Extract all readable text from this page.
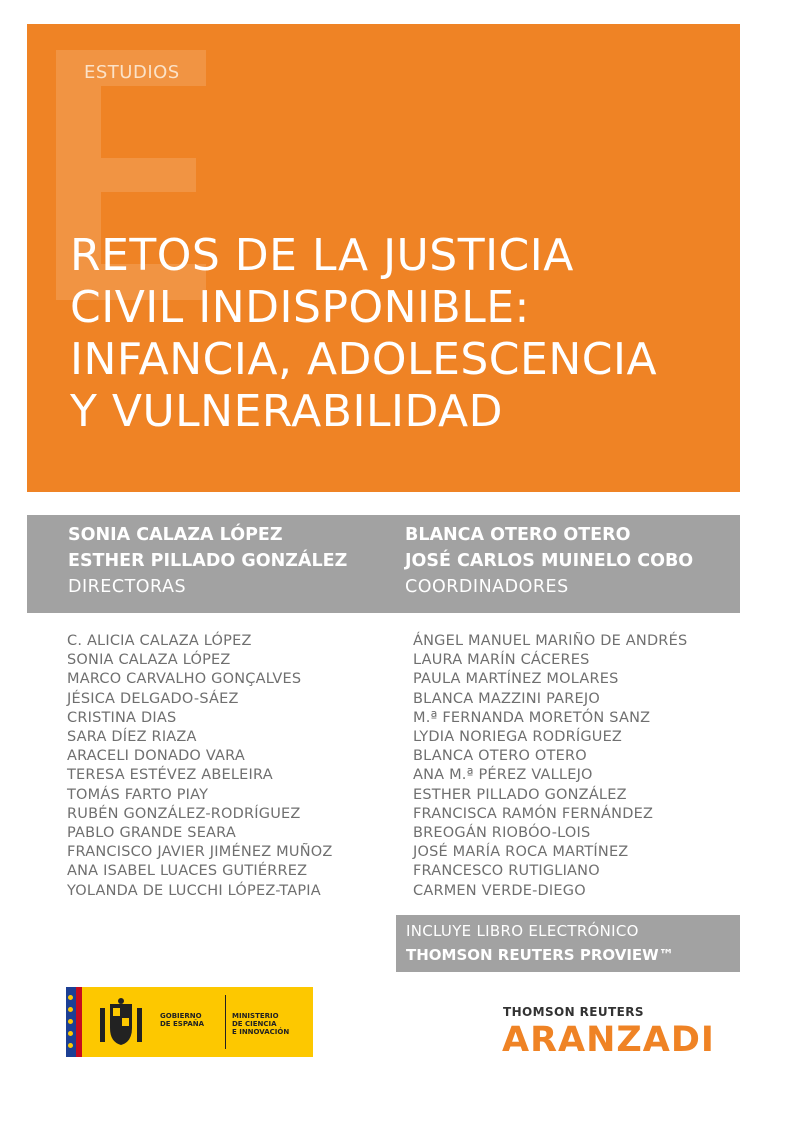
ESTUDIOS
RETOS DE LA JUSTICIA
CIVIL INDISPONIBLE:
INFANCIA, ADOLESCENCIA
Y VULNERABILIDAD
SONIA CALAZA LÓPEZ
ESTHER PILLADO GONZÁLEZ
DIRECTORAS
BLANCA OTERO OTERO
JOSÉ CARLOS MUINELO COBO
COORDINADORES
C. ALICIA CALAZA LÓPEZ
SONIA CALAZA LÓPEZ
MARCO CARVALHO GONÇALVES
JÉSICA DELGADO-SÁEZ
CRISTINA DIAS
SARA DÍEZ RIAZA
ARACELI DONADO VARA
TERESA ESTÉVEZ ABELEIRA
TOMÁS FARTO PIAY
RUBÉN GONZÁLEZ-RODRÍGUEZ
PABLO GRANDE SEARA
FRANCISCO JAVIER JIMÉNEZ MUÑOZ
ANA ISABEL LUACES GUTIÉRREZ
YOLANDA DE LUCCHI LÓPEZ-TAPIA
ÁNGEL MANUEL MARIÑO DE ANDRÉS
LAURA MARÍN CÁCERES
PAULA MARTÍNEZ MOLARES
BLANCA MAZZINI PAREJO
M.ª FERNANDA MORETÓN SANZ
LYDIA NORIEGA RODRÍGUEZ
BLANCA OTERO OTERO
ANA M.ª PÉREZ VALLEJO
ESTHER PILLADO GONZÁLEZ
FRANCISCA RAMÓN FERNÁNDEZ
BREOGÁN RIOBÓO-LOIS
JOSÉ MARÍA ROCA MARTÍNEZ
FRANCESCO RUTIGLIANO
CARMEN VERDE-DIEGO
INCLUYE LIBRO ELECTRÓNICO
THOMSON REUTERS PROVIEW™
GOBIERNO
DE ESPAÑA
MINISTERIO
DE CIENCIA
E INNOVACIÓN
THOMSON REUTERS
ARANZADI
